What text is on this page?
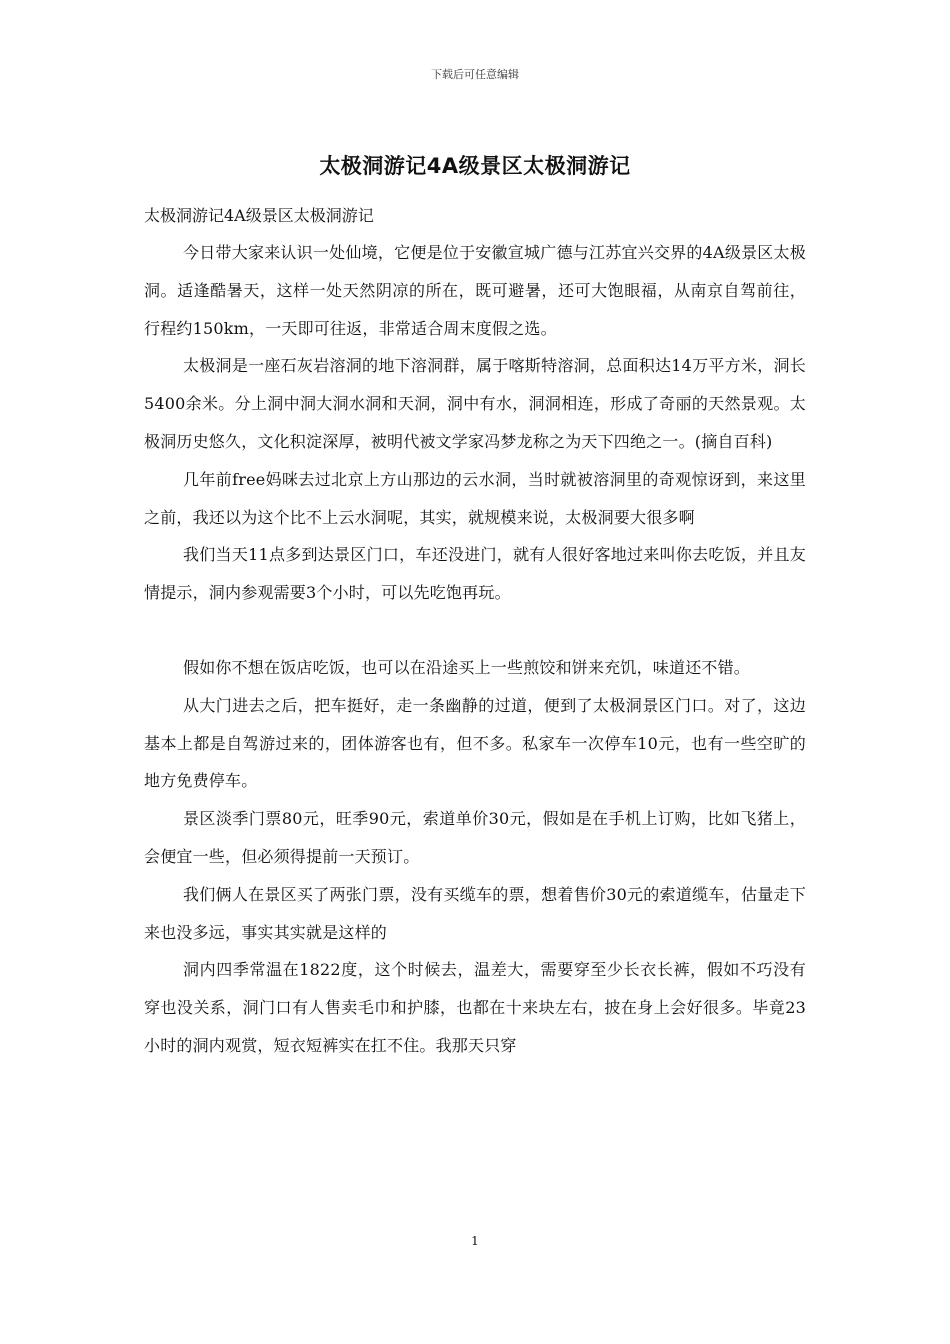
下载后可任意编辑
太极洞游记4A级景区太极洞游记
太极洞游记4A级景区太极洞游记

今日带大家来认识一处仙境，它便是位于安徽宣城广德与江苏宜兴交界的4A级景区太极洞。适逢酷暑天，这样一处天然阴凉的所在，既可避暑，还可大饱眼福，从南京自驾前往，行程约150km，一天即可往返，非常适合周末度假之选。

太极洞是一座石灰岩溶洞的地下溶洞群，属于喀斯特溶洞，总面积达14万平方米，洞长5400余米。分上洞中洞大洞水洞和天洞，洞中有水，洞洞相连，形成了奇丽的天然景观。太极洞历史悠久，文化积淀深厚，被明代被文学家冯梦龙称之为天下四绝之一。(摘自百科)

几年前free妈咪去过北京上方山那边的云水洞，当时就被溶洞里的奇观惊讶到，来这里之前，我还以为这个比不上云水洞呢，其实，就规模来说，太极洞要大很多啊

我们当天11点多到达景区门口，车还没进门，就有人很好客地过来叫你去吃饭，并且友情提示，洞内参观需要3个小时，可以先吃饱再玩。

假如你不想在饭店吃饭，也可以在沿途买上一些煎饺和饼来充饥，味道还不错。

从大门进去之后，把车挺好，走一条幽静的过道，便到了太极洞景区门口。对了，这边基本上都是自驾游过来的，团体游客也有，但不多。私家车一次停车10元，也有一些空旷的地方免费停车。

景区淡季门票80元，旺季90元，索道单价30元，假如是在手机上订购，比如飞猪上，会便宜一些，但必须得提前一天预订。

我们俩人在景区买了两张门票，没有买缆车的票，想着售价30元的索道缆车，估量走下来也没多远，事实其实就是这样的

洞内四季常温在1822度，这个时候去，温差大，需要穿至少长衣长裤，假如不巧没有穿也没关系，洞门口有人售卖毛巾和护膝，也都在十来块左右，披在身上会好很多。毕竟23小时的洞内观赏，短衣短裤实在扛不住。我那天只穿

1
